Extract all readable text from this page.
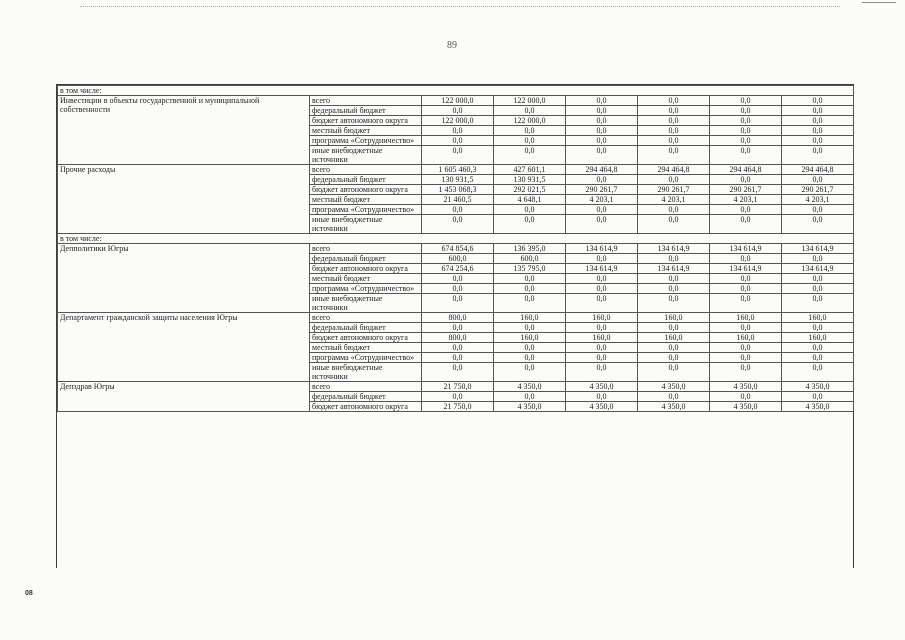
89
в том числе:							
Инвестиции в объекты государственной и муниципальной собственности	всего	122 000,0	122 000,0	0,0	0,0	0,0	0,0
	федеральный бюджет	0,0	0,0	0,0	0,0	0,0	0,0
	бюджет автономного округа	122 000,0	122 000,0	0,0	0,0	0,0	0,0
	местный бюджет	0,0	0,0	0,0	0,0	0,0	0,0
	программа «Сотрудничество»	0,0	0,0	0,0	0,0	0,0	0,0
	иные внебюджетные источники	0,0	0,0	0,0	0,0	0,0	0,0
Прочие расходы	всего	1 605 460,3	427 601,1	294 464,8	294 464,8	294 464,8	294 464,8
	федеральный бюджет	130 931,5	130 931,5	0,0	0,0	0,0	0,0
	бюджет автономного округа	1 453 068,3	292 021,5	290 261,7	290 261,7	290 261,7	290 261,7
	местный бюджет	21 460,5	4 648,1	4 203,1	4 203,1	4 203,1	4 203,1
	программа «Сотрудничество»	0,0	0,0	0,0	0,0	0,0	0,0
	иные внебюджетные источники	0,0	0,0	0,0	0,0	0,0	0,0
в том числе:							
Депполитики Югры	всего	674 854,6	136 395,0	134 614,9	134 614,9	134 614,9	134 614,9
	федеральный бюджет	600,0	600,0	0,0	0,0	0,0	0,0
	бюджет автономного округа	674 254,6	135 795,0	134 614,9	134 614,9	134 614,9	134 614,9
	местный бюджет	0,0	0,0	0,0	0,0	0,0	0,0
	программа «Сотрудничество»	0,0	0,0	0,0	0,0	0,0	0,0
	иные внебюджетные источники	0,0	0,0	0,0	0,0	0,0	0,0
Департамент гражданской защиты населения Югры	всего	800,0	160,0	160,0	160,0	160,0	160,0
	федеральный бюджет	0,0	0,0	0,0	0,0	0,0	0,0
	бюджет автономного округа	800,0	160,0	160,0	160,0	160,0	160,0
	местный бюджет	0,0	0,0	0,0	0,0	0,0	0,0
	программа «Сотрудничество»	0,0	0,0	0,0	0,0	0,0	0,0
	иные внебюджетные источники	0,0	0,0	0,0	0,0	0,0	0,0
Депздрав Югры	всего	21 750,0	4 350,0	4 350,0	4 350,0	4 350,0	4 350,0
	федеральный бюджет	0,0	0,0	0,0	0,0	0,0	0,0
	бюджет автономного округа	21 750,0	4 350,0	4 350,0	4 350,0	4 350,0	4 350,0
08
